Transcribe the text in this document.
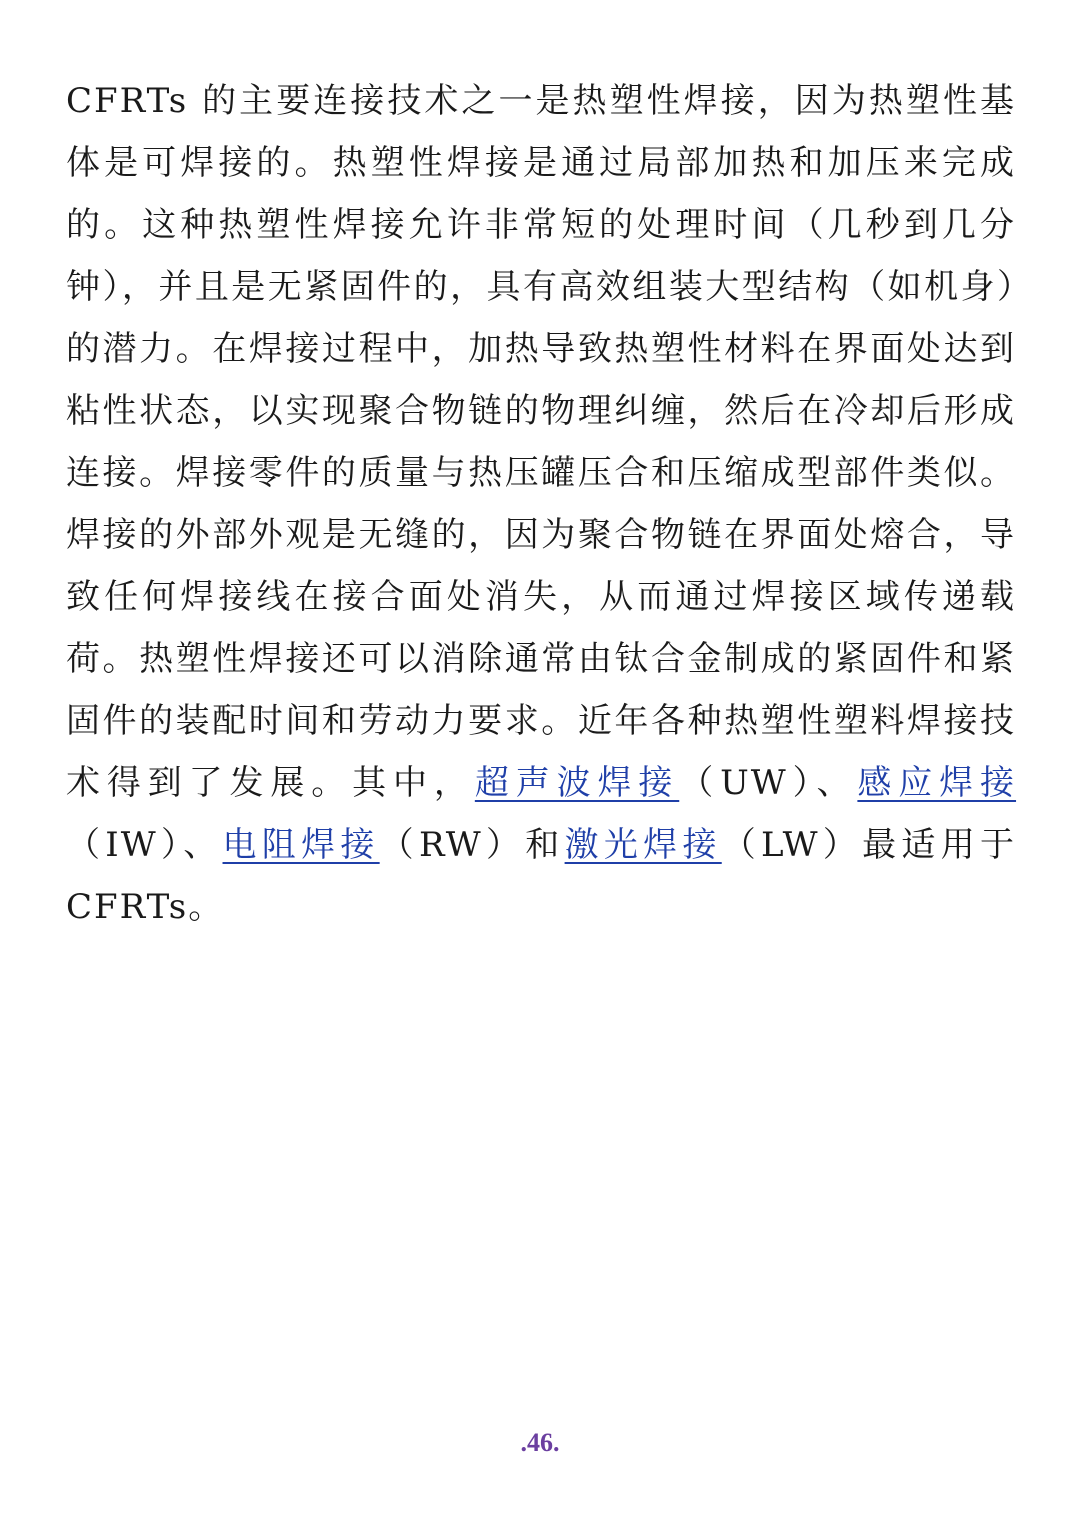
CFRTs 的主要连接技术之一是热塑性焊接，因为热塑性基体是可焊接的。热塑性焊接是通过局部加热和加压来完成的。这种热塑性焊接允许非常短的处理时间（几秒到几分钟），并且是无紧固件的，具有高效组装大型结构（如机身）的潜力。在焊接过程中，加热导致热塑性材料在界面处达到粘性状态，以实现聚合物链的物理纠缠，然后在冷却后形成连接。焊接零件的质量与热压罐压合和压缩成型部件类似。焊接的外部外观是无缝的，因为聚合物链在界面处熔合，导致任何焊接线在接合面处消失，从而通过焊接区域传递载荷。热塑性焊接还可以消除通常由钛合金制成的紧固件和紧固件的装配时间和劳动力要求。近年各种热塑性塑料焊接技术得到了发展。其中，超声波焊接（UW）、感应焊接（IW）、电阻焊接（RW）和激光焊接（LW）最适用于 CFRTs。

.46.
